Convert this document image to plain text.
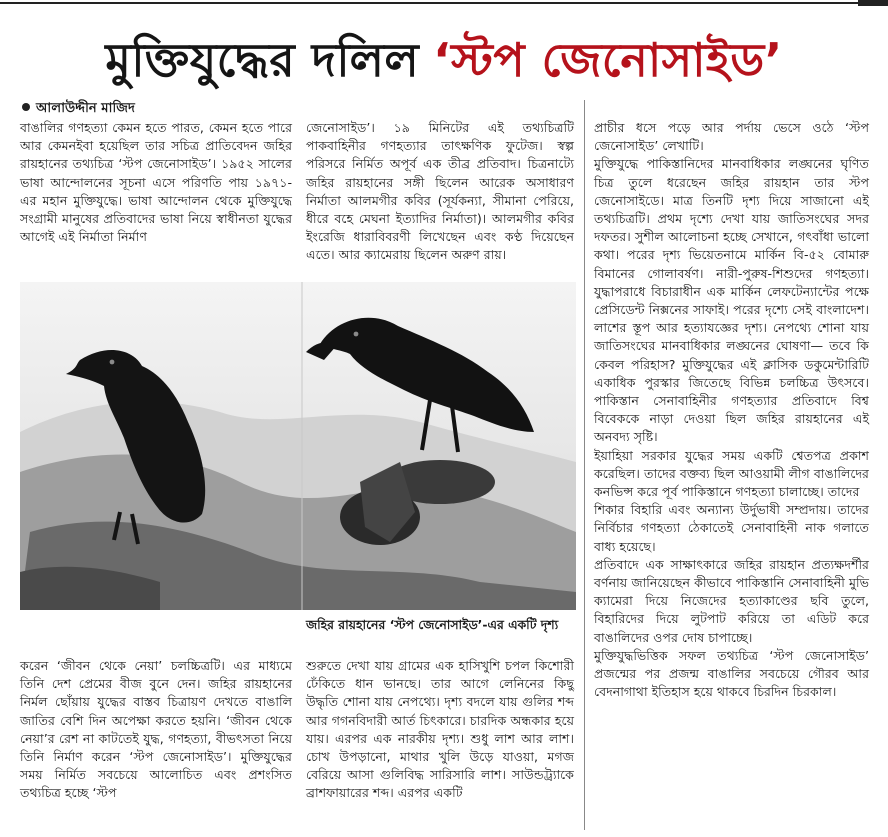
মুক্তিযুদ্ধের দলিল ‘স্টপ জেনোসাইড’
আলাউদ্দীন মাজিদ

বাঙালির গণহত্যা কেমন হতে পারত, কেমন হতে পারে আর কেমনইবা হয়েছিল তার সচিত্র প্রাতিবেদন জহির রায়হানের তথ্যচিত্র ‘স্টপ জেনোসাইড’। ১৯৫২ সালের ভাষা আন্দোলনের সূচনা এসে পরিণতি পায় ১৯৭১-এর মহান মুক্তিযুদ্ধে। ভাষা আন্দোলন থেকে মুক্তিযুদ্ধে সংগ্রামী মানুষের প্রতিবাদের ভাষা নিয়ে স্বাধীনতা যুদ্ধের আগেই এই নির্মাতা নির্মাণ

জেনোসাইড’। ১৯ মিনিটের এই তথ্যচিত্রটি পাকবাহিনীর গণহত্যার তাৎক্ষণিক ফুটেজ। স্বল্প পরিসরে নির্মিত অপূর্ব এক তীব্র প্রতিবাদ। চিত্রনাট্যে জহির রায়হানের সঙ্গী ছিলেন আরেক অসাধারণ নির্মাতা আলমগীর কবির (সূর্যকন্যা, সীমানা পেরিয়ে, ধীরে বহে মেঘনা ইত্যাদির নির্মাতা)। আলমগীর কবির ইংরেজি ধারাবিবরণী লিখেছেন এবং কণ্ঠ দিয়েছেন এতে। আর ক্যামেরায় ছিলেন অরুণ রায়।

প্রাচীর ধসে পড়ে আর পর্দায় ভেসে ওঠে ‘স্টপ জেনোসাইড’ লেখাটি।

মুক্তিযুদ্ধে পাকিস্তানিদের মানবাধিকার লঙ্ঘনের ঘৃণিত চিত্র তুলে ধরেছেন জহির রায়হান তার স্টপ জেনোসাইডে। মাত্র তিনটি দৃশ্য দিয়ে সাজানো এই তথ্যচিত্রটি। প্রথম দৃশ্যে দেখা যায় জাতিসংঘের সদর দফতর। সুশীল আলোচনা হচ্ছে সেখানে, গৎবাঁধা ভালো কথা। পরের দৃশ্য ভিয়েতনামে মার্কিন বি-৫২ বোমারু বিমানের গোলাবর্ষণ। নারী-পুরুষ-শিশুদের গণহত্যা। যুদ্ধাপরাধে বিচারাধীন এক মার্কিন লেফটেন্যান্টের পক্ষে প্রেসিডেন্ট নিক্সনের সাফাই। পরের দৃশ্যে সেই বাংলাদেশ। লাশের স্তূপ আর হত্যাযজ্ঞের দৃশ্য। নেপথ্যে শোনা যায় জাতিসংঘের মানবাধিকার লঙ্ঘনের ঘোষণা— তবে কি কেবল পরিহাস? মুক্তিযুদ্ধের এই ক্লাসিক ডকুমেন্টারিটি একাধিক পুরস্কার জিতেছে বিভিন্ন চলচ্চিত্র উৎসবে। পাকিস্তান সেনাবাহিনীর গণহত্যার প্রতিবাদে বিশ্ব বিবেককে নাড়া দেওয়া ছিল জহির রায়হানের এই অনবদ্য সৃষ্টি।

ইয়াহিয়া সরকার যুদ্ধের সময় একটি শ্বেতপত্র প্রকাশ করেছিল। তাদের বক্তব্য ছিল আওয়ামী লীগ বাঙালিদের কনভিন্স করে পূর্ব পাকিস্তানে গণহত্যা চালাচ্ছে। তাদের

শিকার বিহারি এবং অন্যান্য উর্দুভাষী সম্প্রদায়। তাদের নির্বিচার গণহত্যা ঠেকাতেই সেনাবাহিনী নাক গলাতে বাধ্য হয়েছে।

প্রতিবাদে এক সাক্ষাৎকারে জহির রায়হান প্রত্যক্ষদর্শীর বর্ণনায় জানিয়েছেন কীভাবে পাকিস্তানি সেনাবাহিনী মুভি ক্যামেরা দিয়ে নিজেদের হত্যাকাণ্ডের ছবি তুলে, বিহারিদের দিয়ে লুটপাট করিয়ে তা এডিট করে বাঙালিদের ওপর দোষ চাপাচ্ছে।

মুক্তিযুদ্ধভিত্তিক সফল তথ্যচিত্র ‘স্টপ জেনোসাইড’ প্রজন্মের পর প্রজন্ম বাঙালির সবচেয়ে গৌরব আর বেদনাগাথা ইতিহাস হয়ে থাকবে চিরদিন চিরকাল।

জহির রায়হানের ‘স্টপ জেনোসাইড’-এর একটি দৃশ্য

করেন ‘জীবন থেকে নেয়া’ চলচ্চিত্রটি। এর মাধ্যমে তিনি দেশ প্রেমের বীজ বুনে দেন। জহির রায়হানের নির্মল ছোঁয়ায় যুদ্ধের বাস্তব চিত্রায়ণ দেখতে বাঙালি জাতির বেশি দিন অপেক্ষা করতে হয়নি। ‘জীবন থেকে নেয়া’র রেশ না কাটতেই যুদ্ধ, গণহত্যা, বীভৎসতা নিয়ে তিনি নির্মাণ করেন ‘স্টপ জেনোসাইড’। মুক্তিযুদ্ধের সময় নির্মিত সবচেয়ে আলোচিত এবং প্রশংসিত তথ্যচিত্র হচ্ছে ‘স্টপ

শুরুতে দেখা যায় গ্রামের এক হাসিখুশি চপল কিশোরী ঢেঁকিতে ধান ভানছে। তার আগে লেনিনের কিছু উদ্ধৃতি শোনা যায় নেপথ্যে। দৃশ্য বদলে যায় গুলির শব্দ আর গগনবিদারী আর্ত চিৎকারে। চারদিক অন্ধকার হয়ে যায়। এরপর এক নারকীয় দৃশ্য। শুধু লাশ আর লাশ। চোখ উপড়ানো, মাথার খুলি উড়ে যাওয়া, মগজ বেরিয়ে আসা গুলিবিদ্ধ সারিসারি লাশ। সাউন্ডট্র্যাকে ব্রাশফায়ারের শব্দ। এরপর একটি
